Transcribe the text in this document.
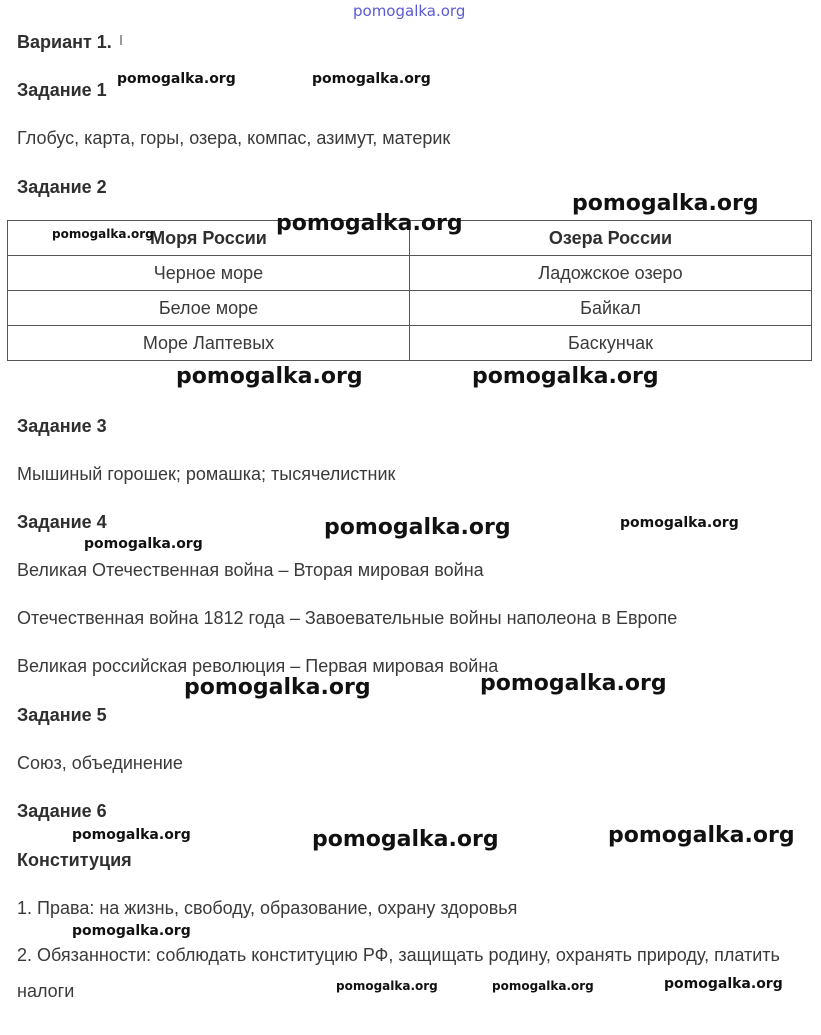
Вариант 1.
Задание 1
Глобус, карта, горы, озера, компас, азимут, материк
Задание 2
Моря России	Озера России
Черное море	Ладожское озеро
Белое море	Байкал
Море Лаптевых	Баскунчак
Задание 3
Мышиный горошек; ромашка; тысячелистник
Задание 4
Великая Отечественная война – Вторая мировая война
Отечественная война 1812 года – Завоевательные войны наполеона в Европе
Великая российская революция – Первая мировая война
Задание 5
Союз, объединение
Задание 6
Конституция
1. Права: на жизнь, свободу, образование, охрану здоровья
2. Обязанности: соблюдать конституцию РФ, защищать родину, охранять природу, платить налоги
pomogalka.org
pomogalka.org	pomogalka.org
pomogalka.org
pomogalka.org	pomogalka.org
pomogalka.org	pomogalka.org
pomogalka.org	pomogalka.org
pomogalka.org
pomogalka.org	pomogalka.org
pomogalka.org	pomogalka.org	pomogalka.org
pomogalka.org
pomogalka.org	pomogalka.org	pomogalka.org
